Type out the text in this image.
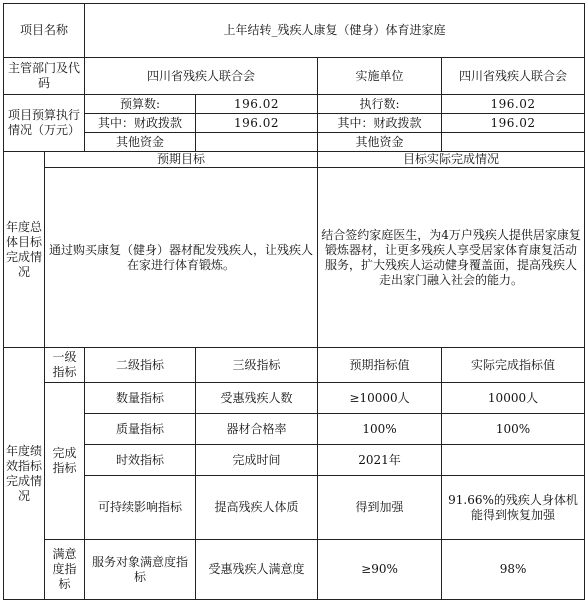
项目名称		上年结转_残疾人康复（健身）体育进家庭			
主管部门及代码		四川省残疾人联合会		实施单位	四川省残疾人联合会
项目预算执行情况（万元）		预算数:	196.02	执行数:	196.02
		其中：财政拨款	196.02	其中：财政拨款	196.02
		其他资金		其他资金	
年度总体目标完成情况	预期目标			目标实际完成情况	
	通过购买康复（健身）器材配发残疾人，让残疾人在家进行体育锻炼。			结合签约家庭医生，为4万户残疾人提供居家康复锻炼器材，让更多残疾人享受居家体育康复活动服务，扩大残疾人运动健身覆盖面，提高残疾人走出家门融入社会的能力。	
年度绩效指标完成情况	一级指标	二级指标	三级指标	预期指标值	实际完成指标值
	完成指标	数量指标	受惠残疾人数	≥10000人	10000人
		质量指标	器材合格率	100%	100%
		时效指标	完成时间	2021年	
		可持续影响指标	提高残疾人体质	得到加强	91.66%的残疾人身体机能得到恢复加强
	满意度指标	服务对象满意度指标	受惠残疾人满意度	≥90%	98%
